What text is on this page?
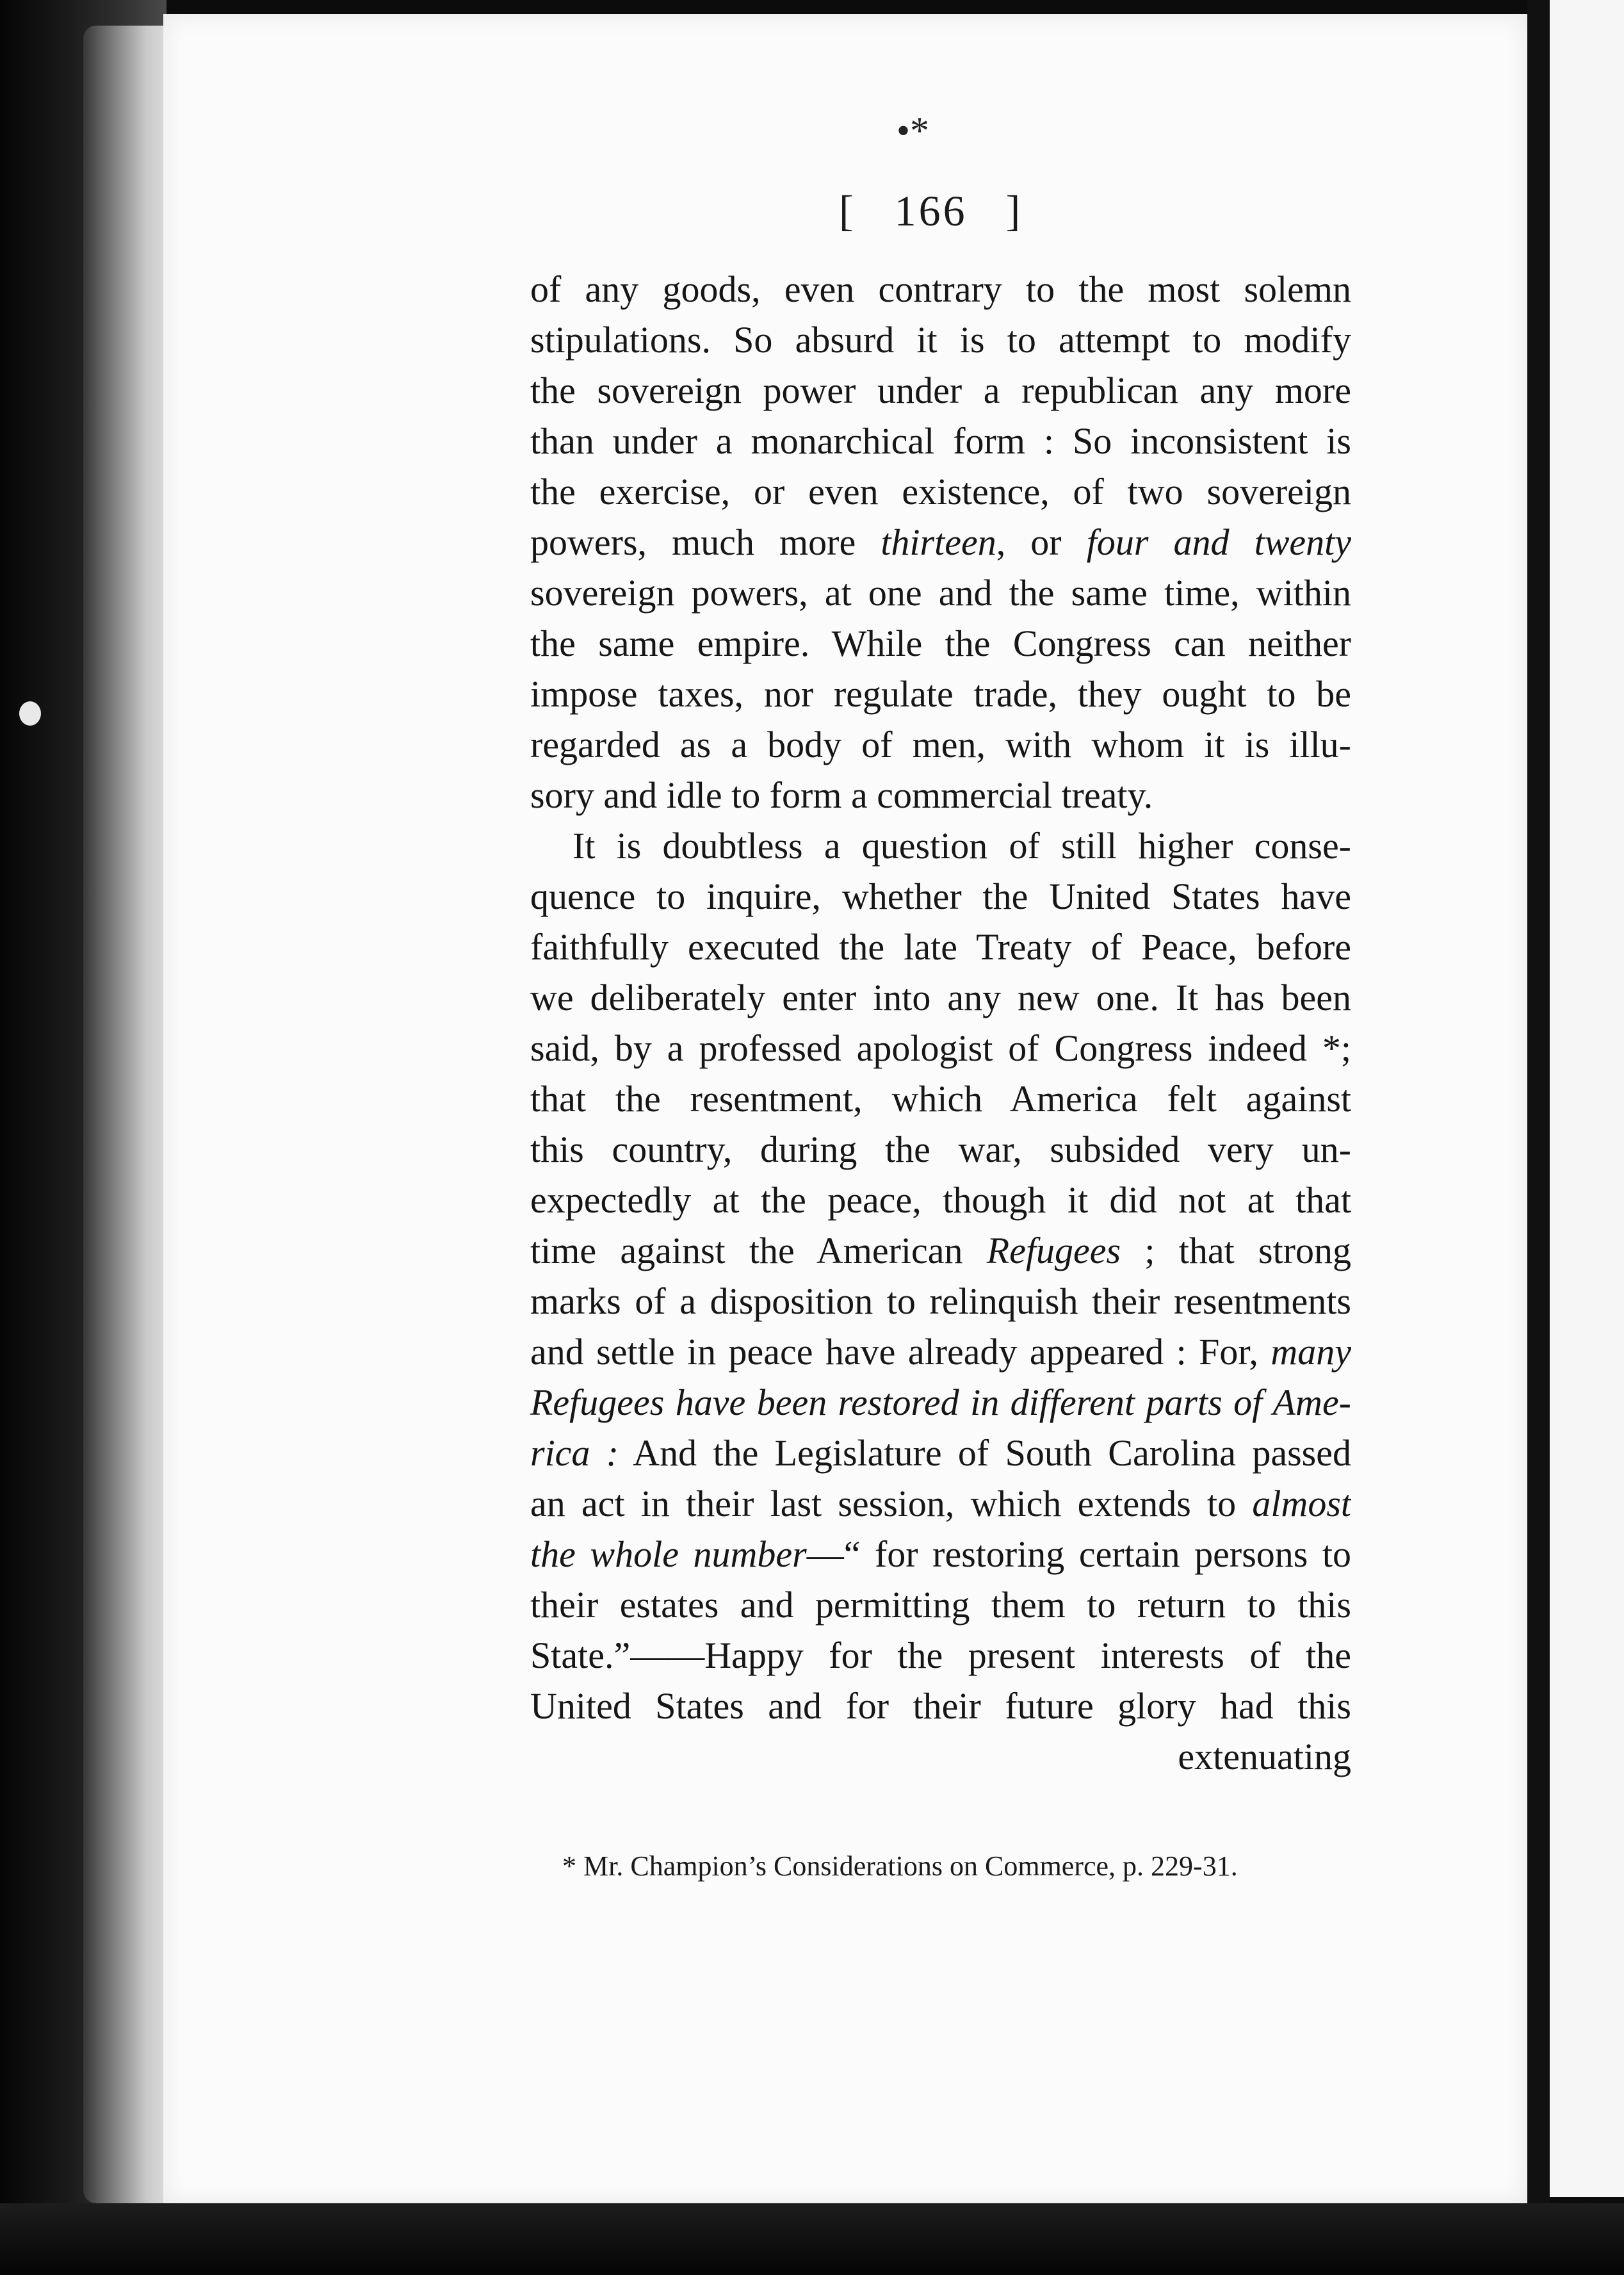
•*
[ 166 ]
of any goods, even contrary to the most solemn
stipulations. So absurd it is to attempt to modify
the sovereign power under a republican any more
than under a monarchical form : So inconsistent is
the exercise, or even existence, of two sovereign
powers, much more thirteen, or four and twenty
sovereign powers, at one and the same time, within
the same empire. While the Congress can neither
impose taxes, nor regulate trade, they ought to be
regarded as a body of men, with whom it is illu-
sory and idle to form a commercial treaty.
It is doubtless a question of still higher conse-
quence to inquire, whether the United States have
faithfully executed the late Treaty of Peace, before
we deliberately enter into any new one. It has been
said, by a professed apologist of Congress indeed *;
that the resentment, which America felt against
this country, during the war, subsided very un-
expectedly at the peace, though it did not at that
time against the American Refugees ; that strong
marks of a disposition to relinquish their resentments
and settle in peace have already appeared : For, many
Refugees have been restored in different parts of Ame-
rica : And the Legislature of South Carolina passed
an act in their last session, which extends to almost
the whole number—“ for restoring certain persons to
their estates and permitting them to return to this
State.”——Happy for the present interests of the
United States and for their future glory had this
extenuating
* Mr. Champion’s Considerations on Commerce, p. 229-31.
